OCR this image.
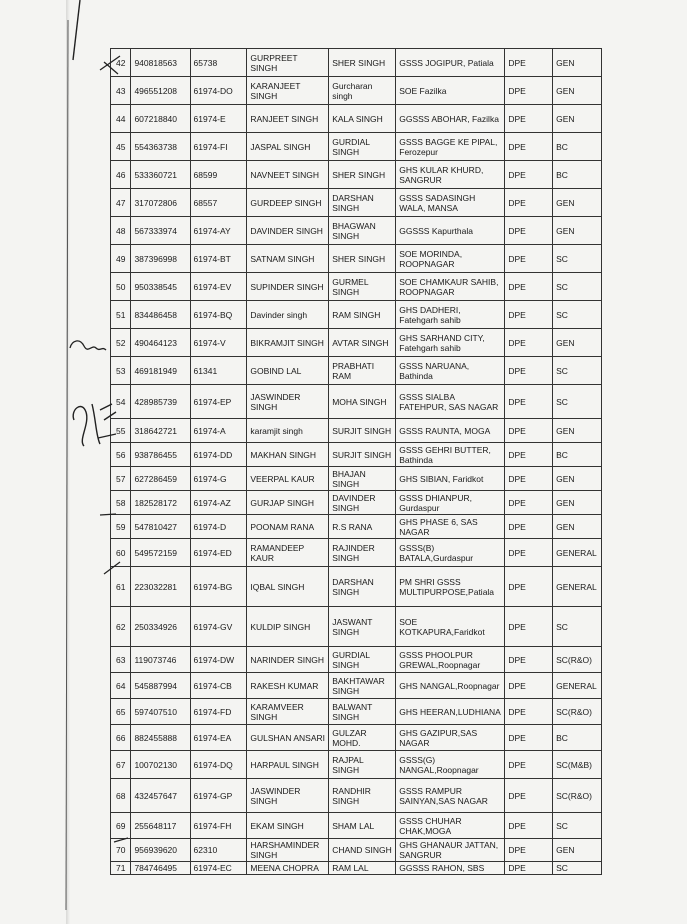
42	940818563	65738	GURPREET SINGH	SHER SINGH	GSSS JOGIPUR, Patiala	DPE	GEN
43	496551208	61974-DO	KARANJEET SINGH	Gurcharan singh	SOE Fazilka	DPE	GEN
44	607218840	61974-E	RANJEET SINGH	KALA SINGH	GGSSS ABOHAR, Fazilka	DPE	GEN
45	554363738	61974-FI	JASPAL SINGH	GURDIAL SINGH	GSSS BAGGE KE PIPAL, Ferozepur	DPE	BC
46	533360721	68599	NAVNEET SINGH	SHER SINGH	GHS KULAR KHURD, SANGRUR	DPE	BC
47	317072806	68557	GURDEEP SINGH	DARSHAN SINGH	GSSS SADASINGH WALA, MANSA	DPE	GEN
48	567333974	61974-AY	DAVINDER SINGH	BHAGWAN SINGH	GGSSS Kapurthala	DPE	GEN
49	387396998	61974-BT	SATNAM SINGH	SHER SINGH	SOE MORINDA, ROOPNAGAR	DPE	SC
50	950338545	61974-EV	SUPINDER SINGH	GURMEL SINGH	SOE CHAMKAUR SAHIB, ROOPNAGAR	DPE	SC
51	834486458	61974-BQ	Davinder singh	RAM SINGH	GHS DADHERI, Fatehgarh sahib	DPE	SC
52	490464123	61974-V	BIKRAMJIT SINGH	AVTAR SINGH	GHS SARHAND CITY, Fatehgarh sahib	DPE	GEN
53	469181949	61341	GOBIND LAL	PRABHATI RAM	GSSS NARUANA, Bathinda	DPE	SC
54	428985739	61974-EP	JASWINDER SINGH	MOHA SINGH	GSSS SIALBA FATEHPUR, SAS NAGAR	DPE	SC
55	318642721	61974-A	karamjit singh	SURJIT SINGH	GSSS RAUNTA, MOGA	DPE	GEN
56	938786455	61974-DD	MAKHAN SINGH	SURJIT SINGH	GSSS GEHRI BUTTER, Bathinda	DPE	BC
57	627286459	61974-G	VEERPAL KAUR	BHAJAN SINGH	GHS SIBIAN, Faridkot	DPE	GEN
58	182528172	61974-AZ	GURJAP SINGH	DAVINDER SINGH	GSSS DHIANPUR, Gurdaspur	DPE	GEN
59	547810427	61974-D	POONAM RANA	R.S RANA	GHS PHASE 6, SAS NAGAR	DPE	GEN
60	549572159	61974-ED	RAMANDEEP KAUR	RAJINDER SINGH	GSSS(B) BATALA,Gurdaspur	DPE	GENERAL
61	223032281	61974-BG	IQBAL SINGH	DARSHAN SINGH	PM SHRI GSSS MULTIPURPOSE,Patiala	DPE	GENERAL
62	250334926	61974-GV	KULDIP SINGH	JASWANT SINGH	SOE KOTKAPURA,Faridkot	DPE	SC
63	119073746	61974-DW	NARINDER SINGH	GURDIAL SINGH	GSSS PHOOLPUR GREWAL,Roopnagar	DPE	SC(R&O)
64	545887994	61974-CB	RAKESH KUMAR	BAKHTAWAR SINGH	GHS NANGAL,Roopnagar	DPE	GENERAL
65	597407510	61974-FD	KARAMVEER SINGH	BALWANT SINGH	GHS HEERAN,LUDHIANA	DPE	SC(R&O)
66	882455888	61974-EA	GULSHAN ANSARI	GULZAR MOHD.	GHS GAZIPUR,SAS NAGAR	DPE	BC
67	100702130	61974-DQ	HARPAUL SINGH	RAJPAL SINGH	GSSS(G) NANGAL,Roopnagar	DPE	SC(M&B)
68	432457647	61974-GP	JASWINDER SINGH	RANDHIR SINGH	GSSS RAMPUR SAINYAN,SAS NAGAR	DPE	SC(R&O)
69	255648117	61974-FH	EKAM SINGH	SHAM LAL	GSSS CHUHAR CHAK,MOGA	DPE	SC
70	956939620	62310	HARSHAMINDER SINGH	CHAND SINGH	GHS GHANAUR JATTAN, SANGRUR	DPE	GEN
71	784746495	61974-EC	MEENA CHOPRA	RAM LAL	GGSSS RAHON, SBS	DPE	SC
